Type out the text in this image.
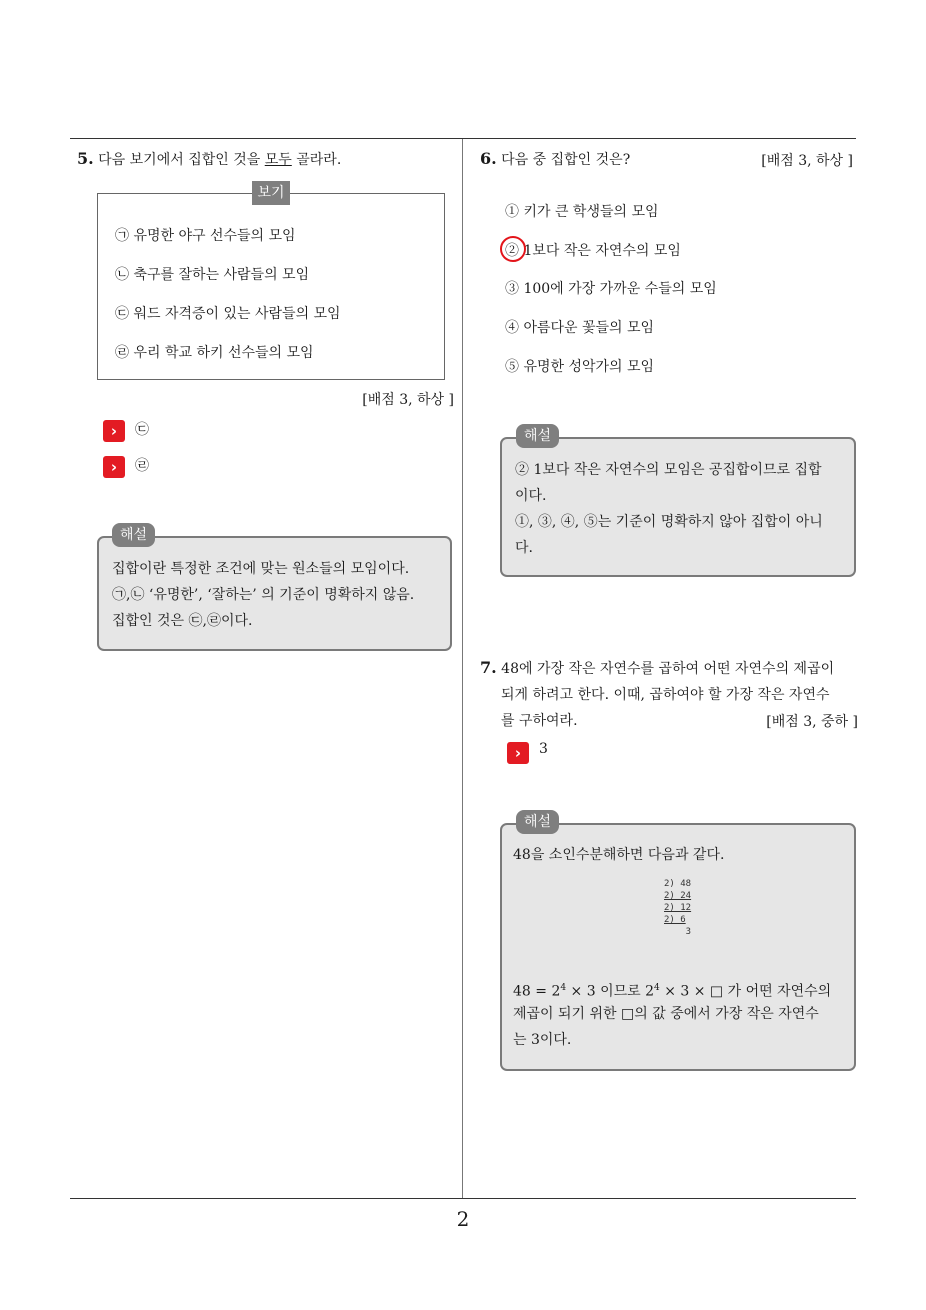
2
5. 다음 보기에서 집합인 것을 모두 골라라.
보기
㉠ 유명한 야구 선수들의 모임
㉡ 축구를 잘하는 사람들의 모임
㉢ 워드 자격증이 있는 사람들의 모임
㉣ 우리 학교 하키 선수들의 모임
[배점 3, 하상 ]
›	㉢
›	㉣
집합이란 특정한 조건에 맞는 원소들의 모임이다.
㉠,㉡ ‘유명한’, ‘잘하는’ 의 기준이 명확하지 않음.
집합인 것은 ㉢,㉣이다.
해설
6. 다음 중 집합인 것은?	[배점 3, 하상 ]
① 키가 큰 학생들의 모임
② 1보다 작은 자연수의 모임
③ 100에 가장 가까운 수들의 모임
④ 아름다운 꽃들의 모임
⑤ 유명한 성악가의 모임
② 1보다 작은 자연수의 모임은 공집합이므로 집합
이다.
①, ③, ④, ⑤는 기준이 명확하지 않아 집합이 아니
다.
해설
7. 48에 가장 작은 자연수를 곱하여 어떤 자연수의 제곱이
되게 하려고 한다. 이때, 곱하여야 할 가장 작은 자연수
를 구하여라.	[배점 3, 중하 ]
›	3
해설
48을 소인수분해하면 다음과 같다.
2) 48
2) 24
2) 12
2) 6
3
$48 = 2^4 \times 3$ 이므로 $2^4 \times 3$ × □ 가 어떤 자연수의
제곱이 되기 위한 □의 값 중에서 가장 작은 자연수
는 3이다.
